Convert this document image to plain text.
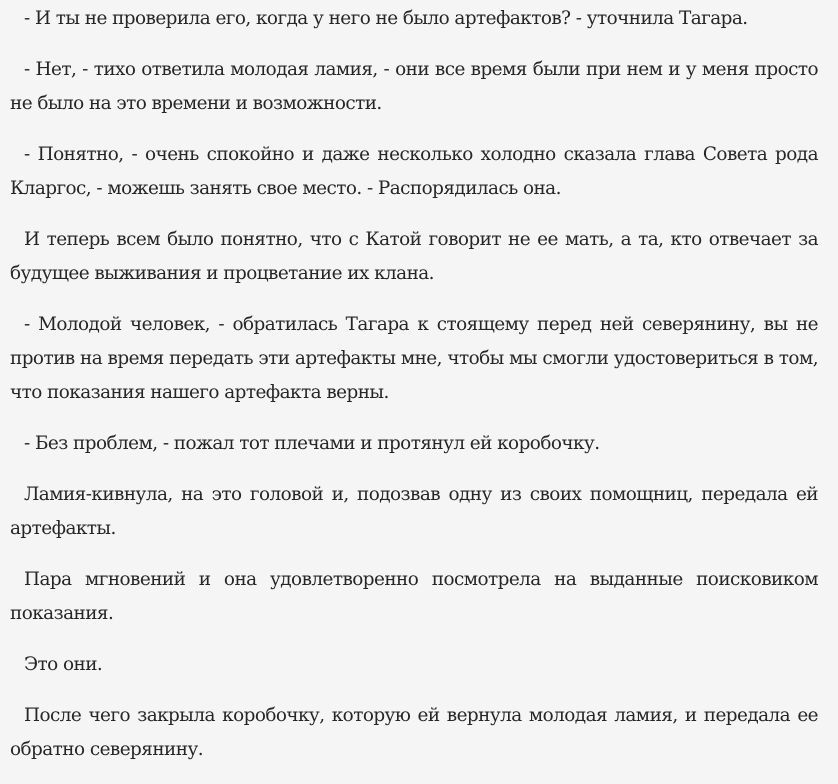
- И ты не проверила его, когда у него не было артефактов? - уточнила Тагара.

- Нет, - тихо ответила молодая ламия, - они все время были при нем и у меня просто не было на это времени и возможности.

- Понятно, - очень спокойно и даже несколько холодно сказала глава Совета рода Кларгос, - можешь занять свое место. - Распорядилась она.

И теперь всем было понятно, что с Катой говорит не ее мать, а та, кто отвечает за будущее выживания и процветание их клана.

- Молодой человек, - обратилась Тагара к стоящему перед ней северянину, вы не против на время передать эти артефакты мне, чтобы мы смогли удостовериться в том, что показания нашего артефакта верны.

- Без проблем, - пожал тот плечами и протянул ей коробочку.

Ламия-кивнула, на это головой и, подозвав одну из своих помощниц, передала ей артефакты.

Пара мгновений и она удовлетворенно посмотрела на выданные поисковиком показания.

Это они.

После чего закрыла коробочку, которую ей вернула молодая ламия, и передала ее обратно северянину.
